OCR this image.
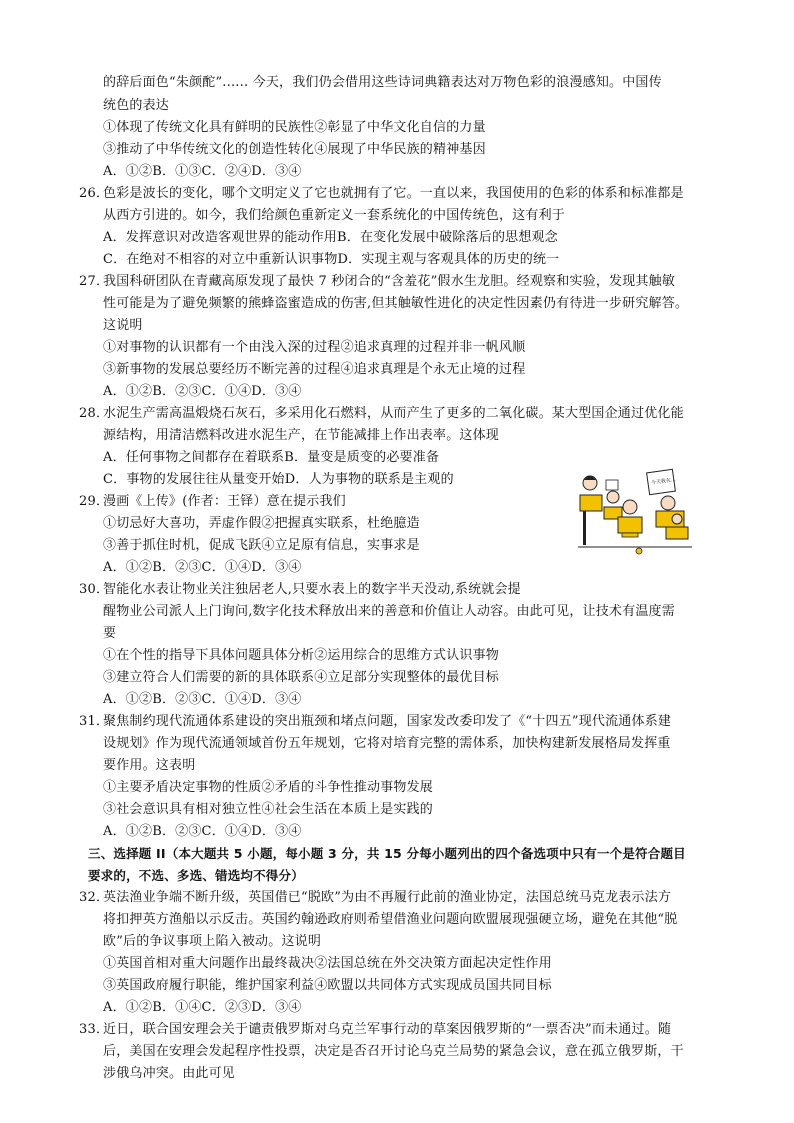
的辞后面色“朱颜酡”...... 今天，我们仍会借用这些诗词典籍表达对万物色彩的浪漫感知。中国传
统色的表达
①体现了传统文化具有鲜明的民族性②彰显了中华文化自信的力量
③推动了中华传统文化的创造性转化④展现了中华民族的精神基因
A．①②B．①③C．②④D．③④
26．色彩是波长的变化，哪个文明定义了它也就拥有了它。一直以来，我国使用的色彩的体系和标准都是
从西方引进的。如今，我们给颜色重新定义一套系统化的中国传统色，这有利于
A．发挥意识对改造客观世界的能动作用B．在变化发展中破除落后的思想观念
C．在绝对不相容的对立中重新认识事物D．实现主观与客观具体的历史的统一
27．我国科研团队在青藏高原发现了最快 7 秒闭合的“含羞花”假水生龙胆。经观察和实验，发现其触敏
性可能是为了避免频繁的熊蜂盗蜜造成的伤害,但其触敏性进化的决定性因素仍有待进一步研究解答。
这说明
①对事物的认识都有一个由浅入深的过程②追求真理的过程并非一帆风顺
③新事物的发展总要经历不断完善的过程④追求真理是个永无止境的过程
A．①②B．②③C．①④D．③④
28．水泥生产需高温煅烧石灰石，多采用化石燃料，从而产生了更多的二氧化碳。某大型国企通过优化能
源结构，用清洁燃料改进水泥生产，在节能减排上作出表率。这体现
A．任何事物之间都存在着联系B．量变是质变的必要准备
C．事物的发展往往从量变开始D．人为事物的联系是主观的
29．漫画《上传》(作者：王铎）意在提示我们
①切忌好大喜功，弄虚作假②把握真实联系，杜绝臆造
③善于抓住时机，促成飞跃④立足原有信息，实事求是
A．①②B．②③C．①④D．③④
今天我在…
30．智能化水表让物业关注独居老人,只要水表上的数字半天没动,系统就会提
醒物业公司派人上门询问,数字化技术释放出来的善意和价值让人动容。由此可见，让技术有温度需
要
①在个性的指导下具体问题具体分析②运用综合的思维方式认识事物
③建立符合人们需要的新的具体联系④立足部分实现整体的最优目标
A．①②B．②③C．①④D．③④
31．聚焦制约现代流通体系建设的突出瓶颈和堵点问题，国家发改委印发了《“十四五”现代流通体系建
设规划》作为现代流通领域首份五年规划，它将对培育完整的需体系，加快构建新发展格局发挥重
要作用。这表明
①主要矛盾决定事物的性质②矛盾的斗争性推动事物发展
③社会意识具有相对独立性④社会生活在本质上是实践的
A．①②B．②③C．①④D．③④
三、选择题 II（本大题共 5 小题，每小题 3 分，共 15 分每小题列出的四个备选项中只有一个是符合题目
要求的，不选、多选、错选均不得分）
32．英法渔业争端不断升级，英国借已“脱欧”为由不再履行此前的渔业协定，法国总统马克龙表示法方
将扣押英方渔船以示反击。英国约翰逊政府则希望借渔业问题向欧盟展现强硬立场，避免在其他“脱
欧”后的争议事项上陷入被动。这说明
①英国首相对重大问题作出最终裁决②法国总统在外交决策方面起决定性作用
③英国政府履行职能，维护国家利益④欧盟以共同体方式实现成员国共同目标
A．①②B．①④C．②③D．③④
33．近日，联合国安理会关于谴责俄罗斯对乌克兰军事行动的草案因俄罗斯的“一票否决”而未通过。随
后，美国在安理会发起程序性投票，决定是否召开讨论乌克兰局势的紧急会议，意在孤立俄罗斯，干
涉俄乌冲突。由此可见
